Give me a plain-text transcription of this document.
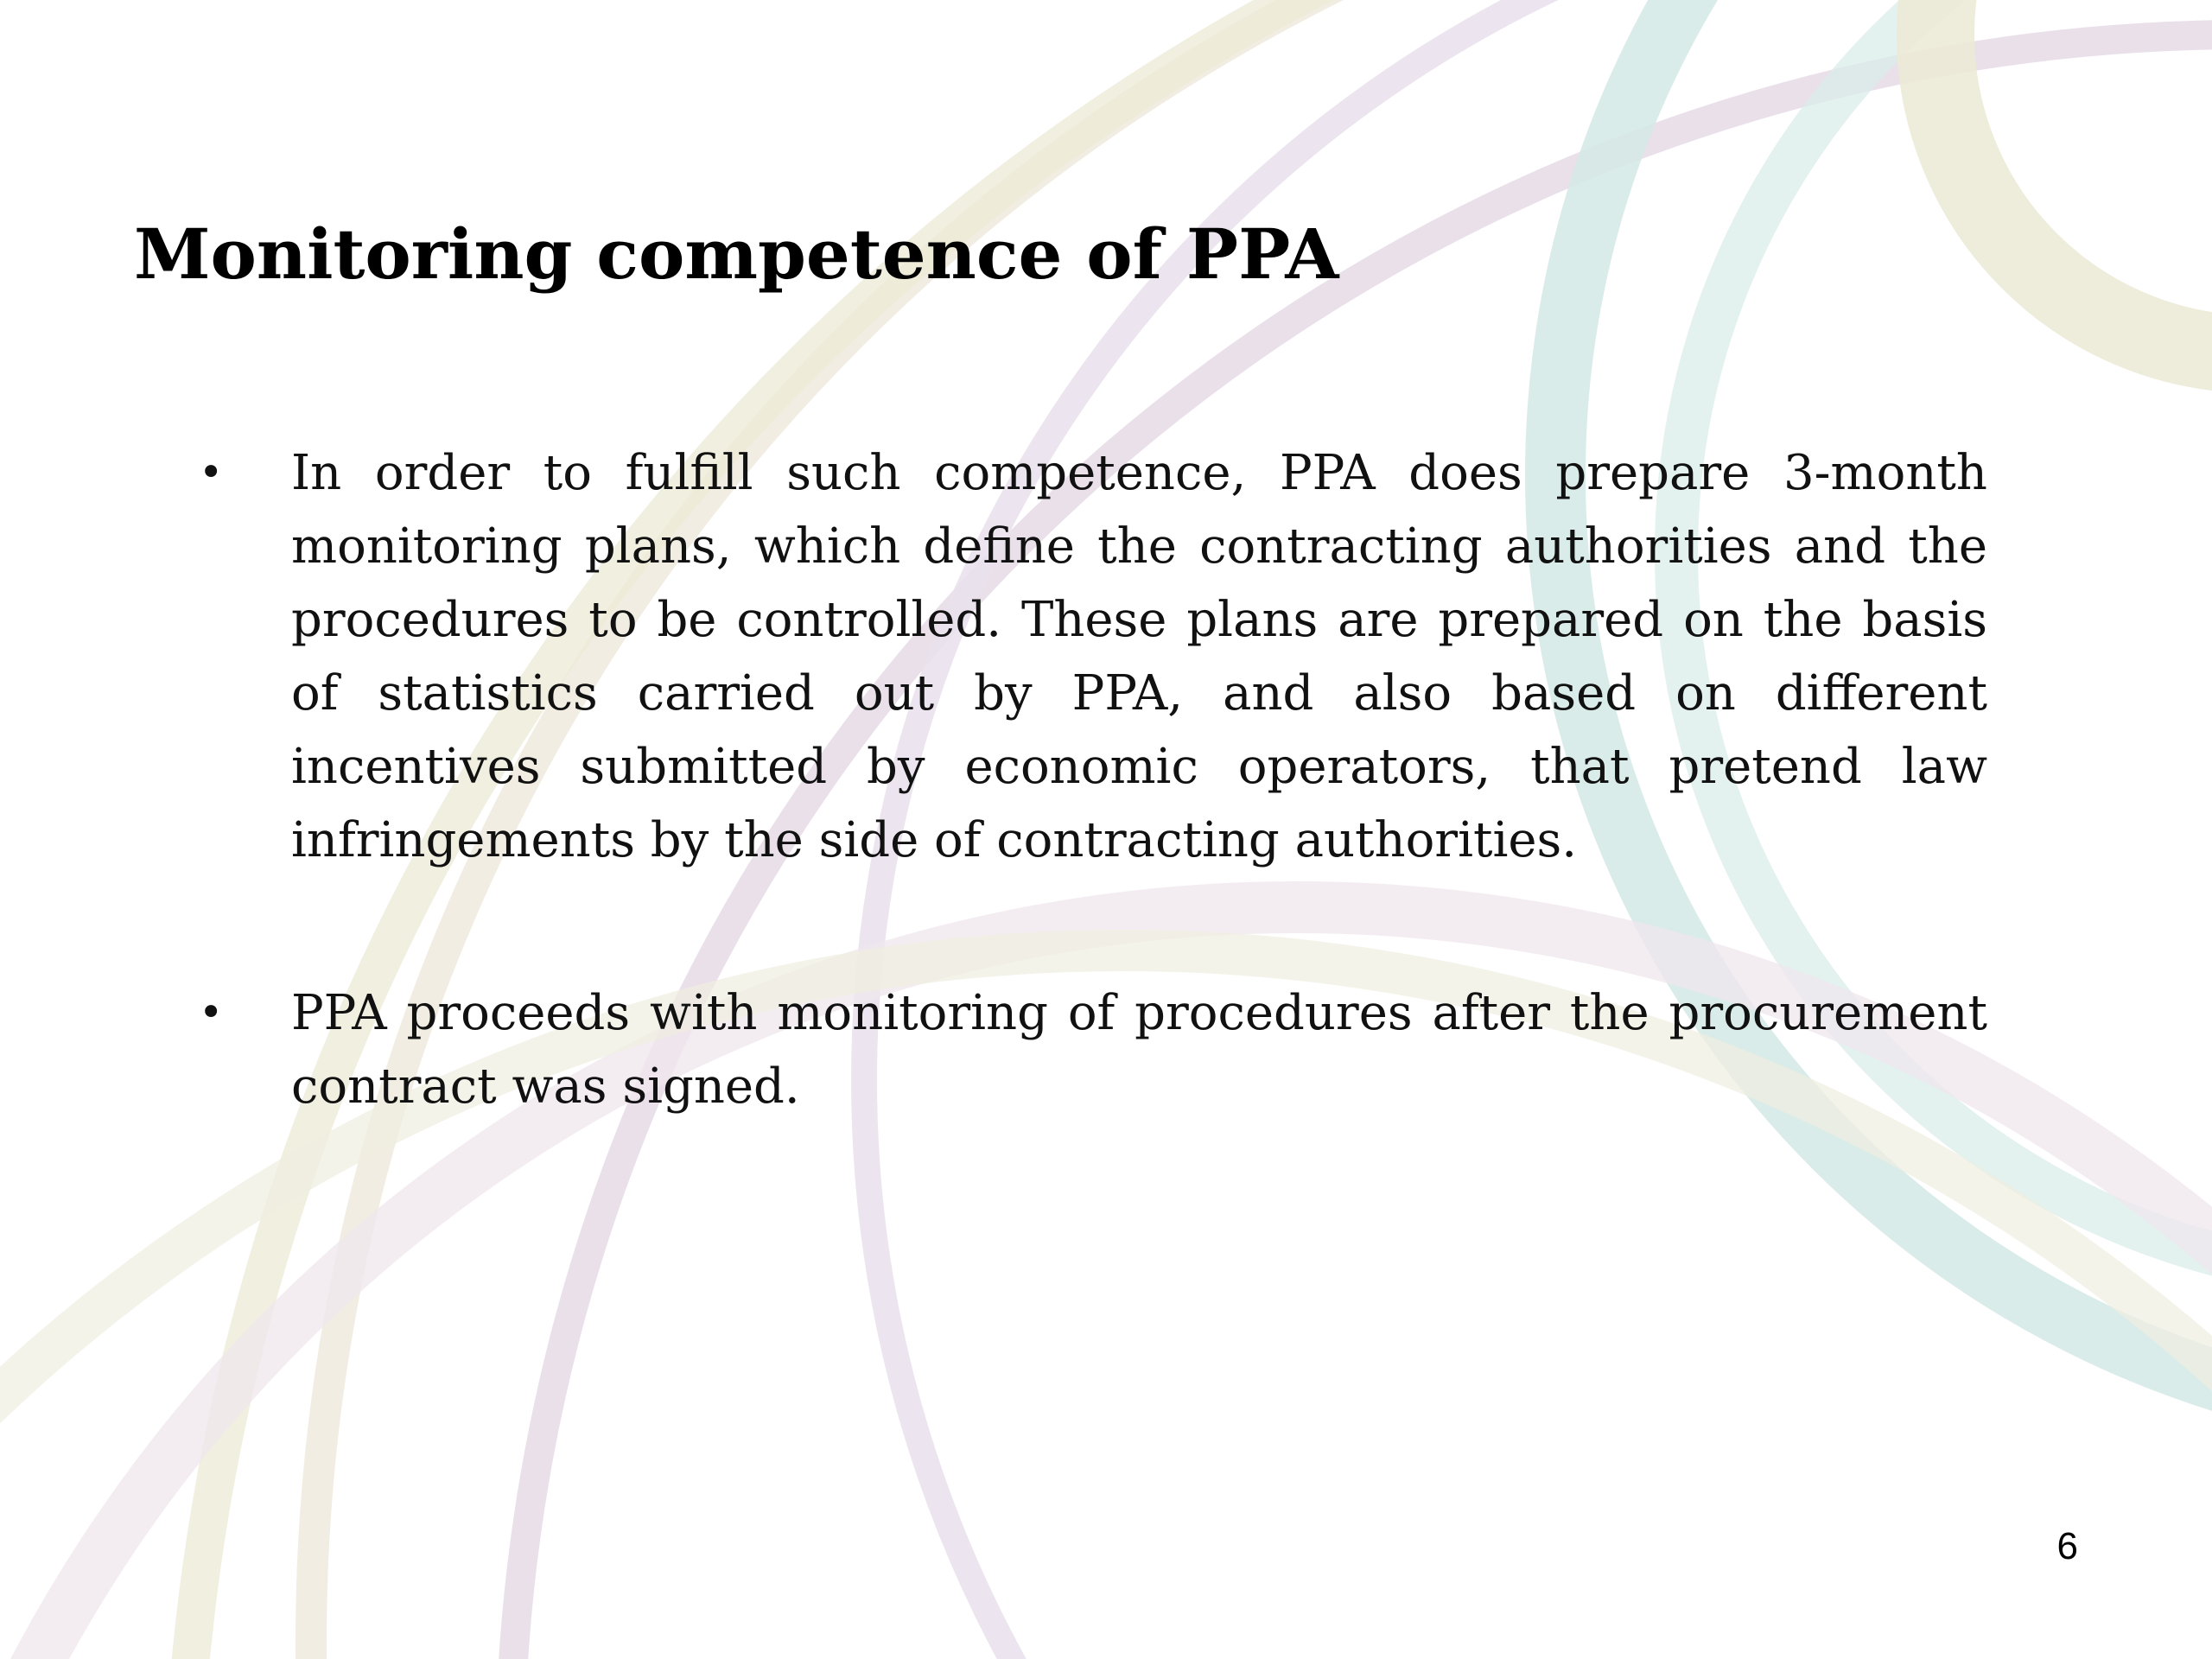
Monitoring competence of PPA
• In order to fulfill such competence, PPA does prepare 3-month monitoring plans, which define the contracting authorities and the procedures to be controlled. These plans are prepared on the basis of statistics carried out by PPA, and also based on different incentives submitted by economic operators, that pretend law infringements by the side of contracting authorities.
• PPA proceeds with monitoring of procedures after the procurement contract was signed.
6
